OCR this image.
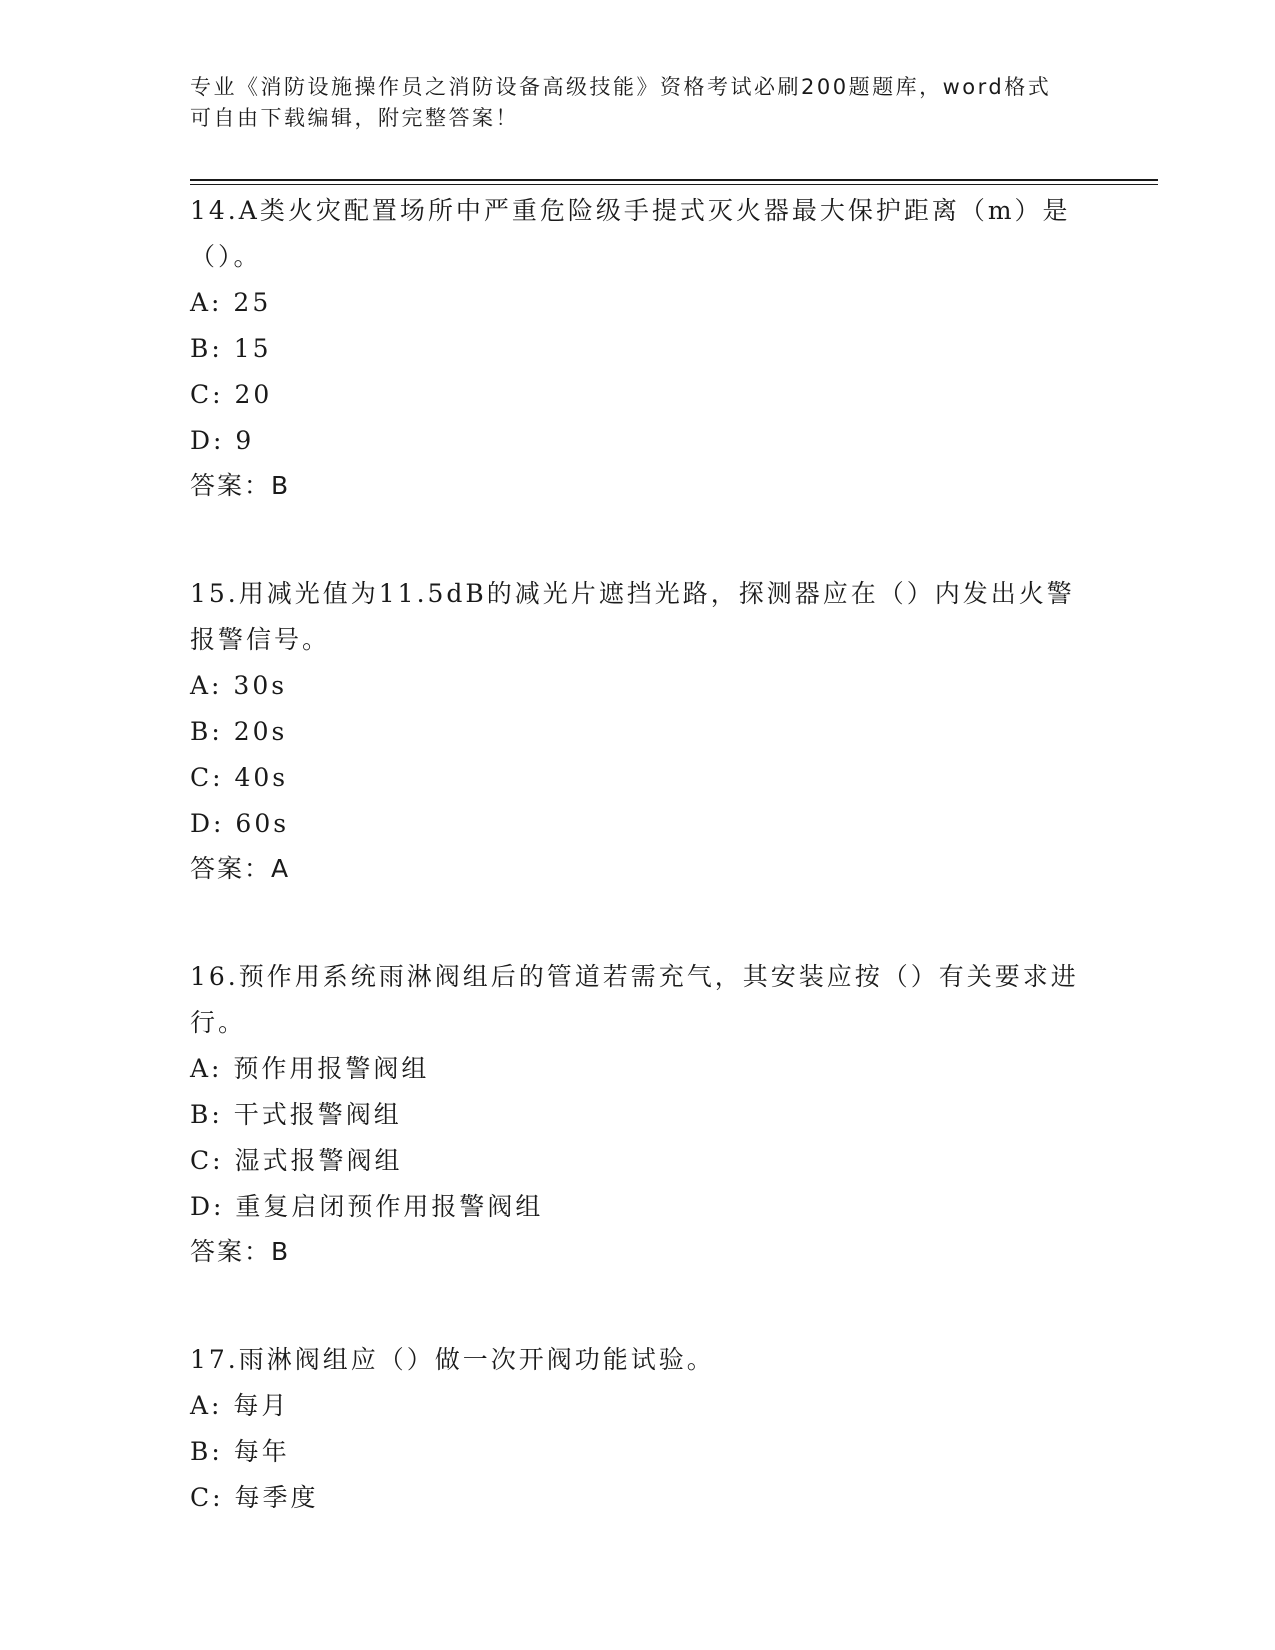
专业《消防设施操作员之消防设备高级技能》资格考试必刷200题题库，word格式可自由下载编辑，附完整答案！
14.A类火灾配置场所中严重危险级手提式灭火器最大保护距离（m）是（）。
A: 25
B: 15
C: 20
D: 9
答案：B
15.用减光值为11.5dB的减光片遮挡光路，探测器应在（）内发出火警报警信号。
A: 30s
B: 20s
C: 40s
D: 60s
答案：A
16.预作用系统雨淋阀组后的管道若需充气，其安装应按（）有关要求进行。
A: 预作用报警阀组
B: 干式报警阀组
C: 湿式报警阀组
D: 重复启闭预作用报警阀组
答案：B
17.雨淋阀组应（）做一次开阀功能试验。
A: 每月
B: 每年
C: 每季度
